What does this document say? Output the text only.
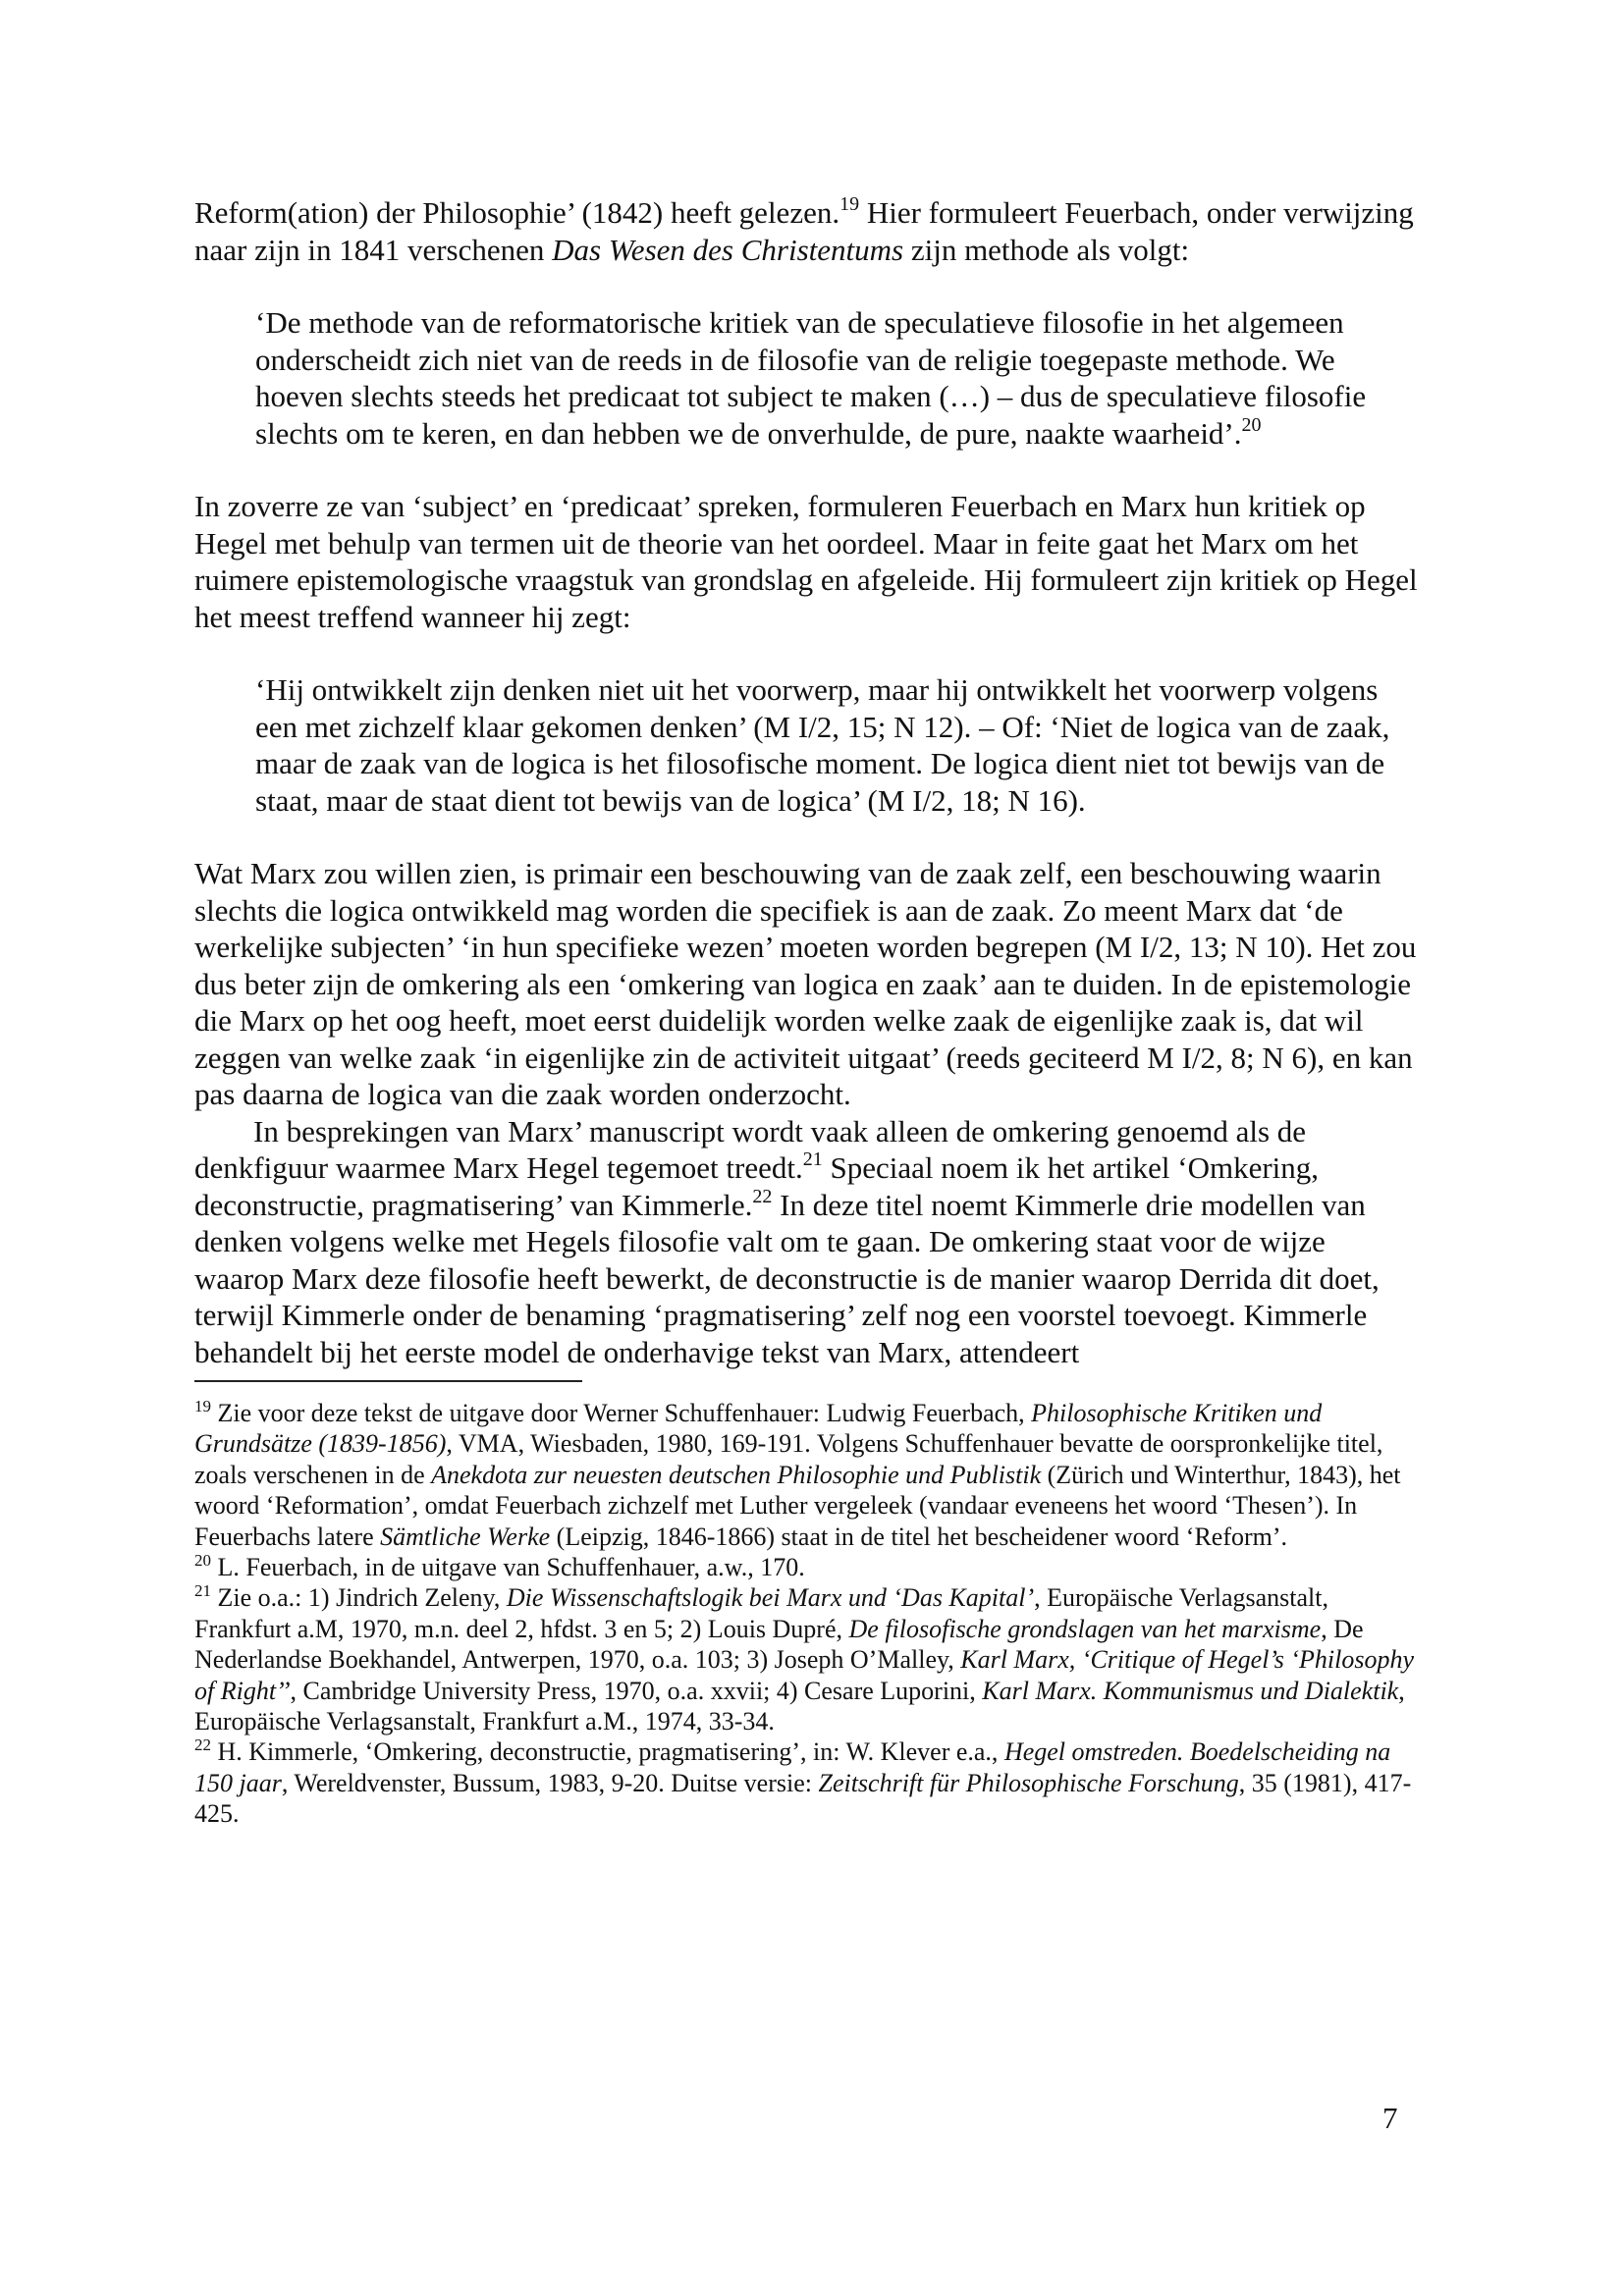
Reform(ation) der Philosophie’ (1842) heeft gelezen.$^{19}$ Hier formuleert Feuerbach, onder verwijzing naar zijn in 1841 verschenen Das Wesen des Christentums zijn methode als volgt:

‘De methode van de reformatorische kritiek van de speculatieve filosofie in het algemeen onderscheidt zich niet van de reeds in de filosofie van de religie toegepaste methode. We hoeven slechts steeds het predicaat tot subject te maken (…) – dus de speculatieve filosofie slechts om te keren, en dan hebben we de onverhulde, de pure, naakte waarheid’.$^{20}$

In zoverre ze van ‘subject’ en ‘predicaat’ spreken, formuleren Feuerbach en Marx hun kritiek op Hegel met behulp van termen uit de theorie van het oordeel. Maar in feite gaat het Marx om het ruimere epistemologische vraagstuk van grondslag en afgeleide. Hij formuleert zijn kritiek op Hegel het meest treffend wanneer hij zegt:

‘Hij ontwikkelt zijn denken niet uit het voorwerp, maar hij ontwikkelt het voorwerp volgens een met zichzelf klaar gekomen denken’ (M I/2, 15; N 12). – Of: ‘Niet de logica van de zaak, maar de zaak van de logica is het filosofische moment. De logica dient niet tot bewijs van de staat, maar de staat dient tot bewijs van de logica’ (M I/2, 18; N 16).

Wat Marx zou willen zien, is primair een beschouwing van de zaak zelf, een beschouwing waarin slechts die logica ontwikkeld mag worden die specifiek is aan de zaak. Zo meent Marx dat ‘de werkelijke subjecten’ ‘in hun specifieke wezen’ moeten worden begrepen (M I/2, 13; N 10). Het zou dus beter zijn de omkering als een ‘omkering van logica en zaak’ aan te duiden. In de epistemologie die Marx op het oog heeft, moet eerst duidelijk worden welke zaak de eigenlijke zaak is, dat wil zeggen van welke zaak ‘in eigenlijke zin de activiteit uitgaat’ (reeds geciteerd M I/2, 8; N 6), en kan pas daarna de logica van die zaak worden onderzocht.

In besprekingen van Marx’ manuscript wordt vaak alleen de omkering genoemd als de denkfiguur waarmee Marx Hegel tegemoet treedt.$^{21}$ Speciaal noem ik het artikel ‘Omkering, deconstructie, pragmatisering’ van Kimmerle.$^{22}$ In deze titel noemt Kimmerle drie modellen van denken volgens welke met Hegels filosofie valt om te gaan. De omkering staat voor de wijze waarop Marx deze filosofie heeft bewerkt, de deconstructie is de manier waarop Derrida dit doet, terwijl Kimmerle onder de benaming ‘pragmatisering’ zelf nog een voorstel toevoegt. Kimmerle behandelt bij het eerste model de onderhavige tekst van Marx, attendeert

$^{19}$ Zie voor deze tekst de uitgave door Werner Schuffenhauer: Ludwig Feuerbach, Philosophische Kritiken und Grundsätze (1839-1856), VMA, Wiesbaden, 1980, 169-191. Volgens Schuffenhauer bevatte de oorspronkelijke titel, zoals verschenen in de Anekdota zur neuesten deutschen Philosophie und Publistik (Zürich und Winterthur, 1843), het woord ‘Reformation’, omdat Feuerbach zichzelf met Luther vergeleek (vandaar eveneens het woord ‘Thesen’). In Feuerbachs latere Sämtliche Werke (Leipzig, 1846-1866) staat in de titel het bescheidener woord ‘Reform’.

$^{20}$ L. Feuerbach, in de uitgave van Schuffenhauer, a.w., 170.

$^{21}$ Zie o.a.: 1) Jindrich Zeleny, Die Wissenschaftslogik bei Marx und ‘Das Kapital’, Europäische Verlagsanstalt, Frankfurt a.M, 1970, m.n. deel 2, hfdst. 3 en 5; 2) Louis Dupré, De filosofische grondslagen van het marxisme, De Nederlandse Boekhandel, Antwerpen, 1970, o.a. 103; 3) Joseph O’Malley, Karl Marx, ‘Critique of Hegel’s ‘Philosophy of Right’’, Cambridge University Press, 1970, o.a. xxvii; 4) Cesare Luporini, Karl Marx. Kommunismus und Dialektik, Europäische Verlagsanstalt, Frankfurt a.M., 1974, 33-34.

$^{22}$ H. Kimmerle, ‘Omkering, deconstructie, pragmatisering’, in: W. Klever e.a., Hegel omstreden. Boedelscheiding na 150 jaar, Wereldvenster, Bussum, 1983, 9-20. Duitse versie: Zeitschrift für Philosophische Forschung, 35 (1981), 417-425.

7
